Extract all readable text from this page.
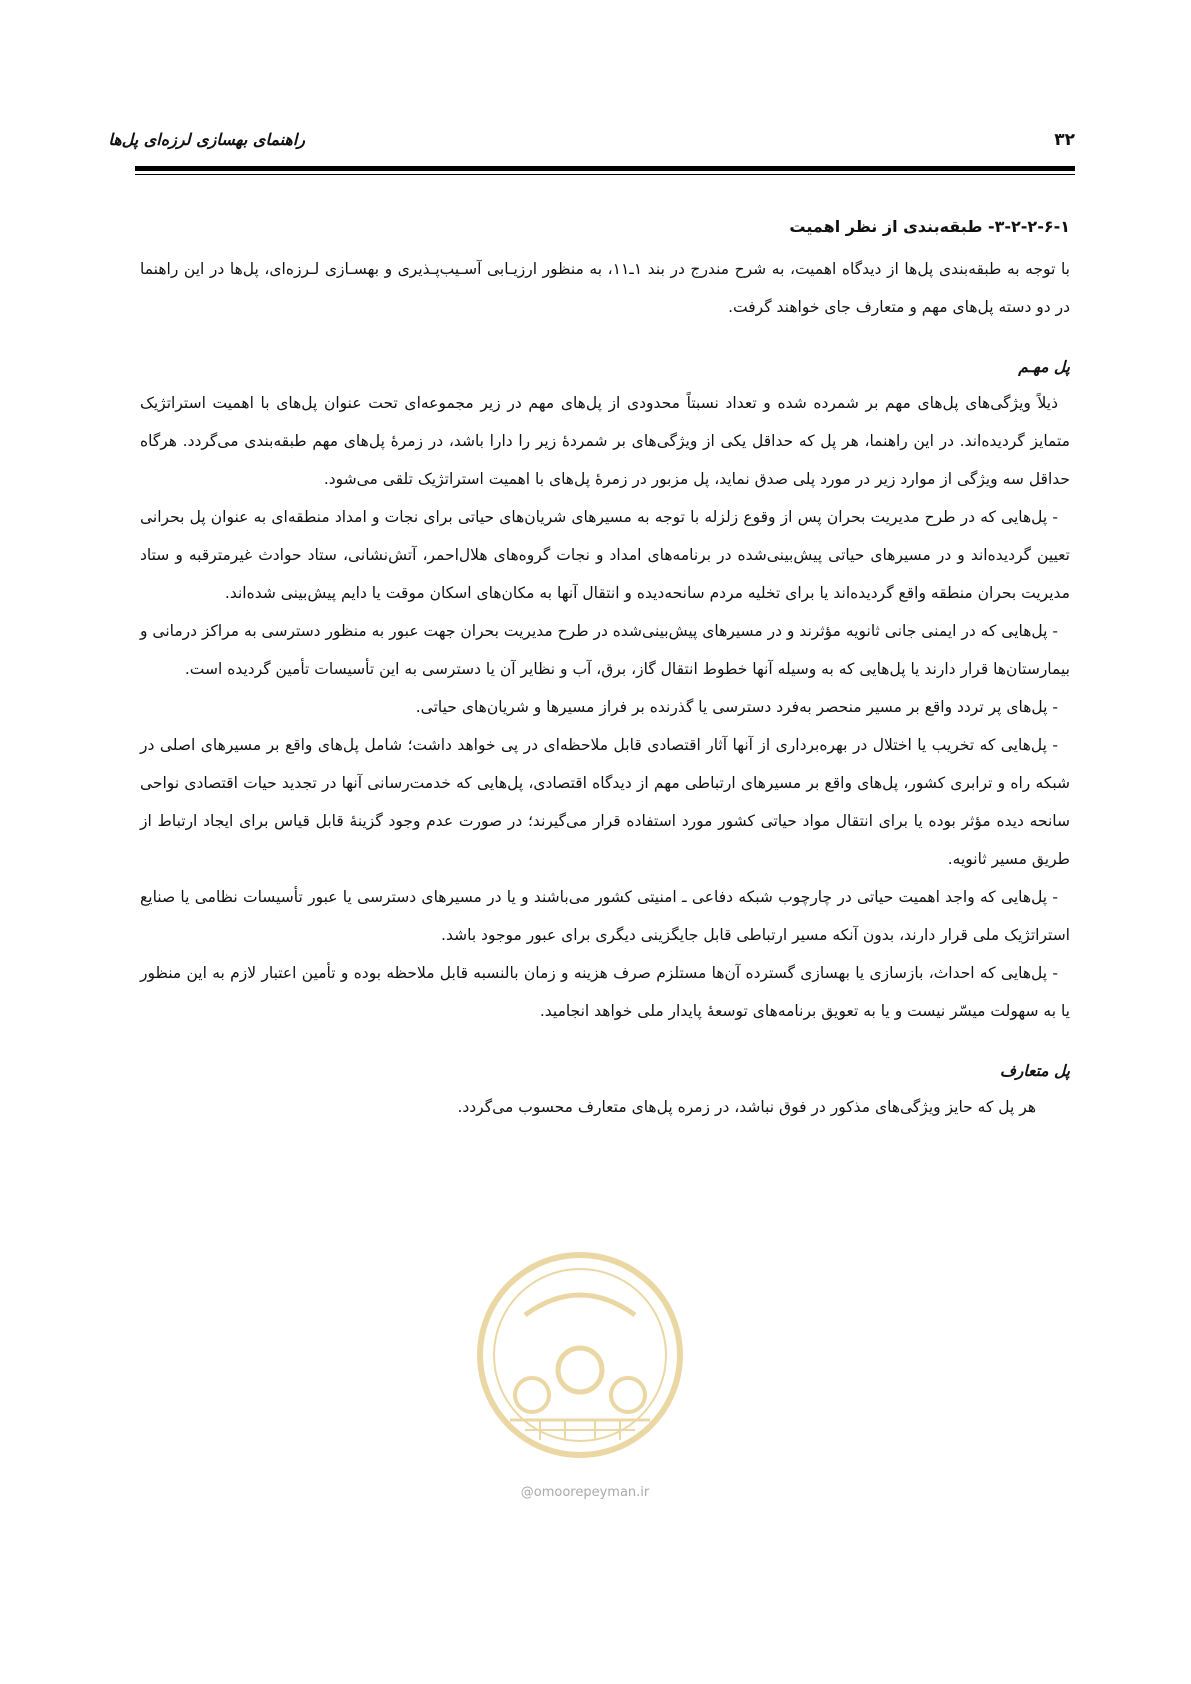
راهنمای بهسازی لرزه‌ای پل‌ها	۳۲
۳-۲-۲-۶-۱- طبقه‌بندی از نظر اهمیت

با توجه به طبقه‌بندی پل‌ها از دیدگاه اهمیت، به شرح مندرج در بند ۱ـ۱۱، به منظور ارزیـابی آسـیب‌پـذیری و بهسـازی لـرزه‌ای، پل‌ها در این راهنما در دو دسته پل‌های مهم و متعارف جای خواهند گرفت.

پل مهـم

ذیلاً ویژگی‌های پل‌های مهم بر شمرده شده و تعداد نسبتاً محدودی از پل‌های مهم در زیر مجموعه‌ای تحت عنوان پل‌های با اهمیت استراتژیک متمایز گردیده‌اند. در این راهنما، هر پل که حداقل یکی از ویژگی‌های بر شمردهٔ زیر را دارا باشد، در زمرهٔ پل‌های مهم طبقه‌بندی می‌گردد. هرگاه حداقل سه ویژگی از موارد زیر در مورد پلی صدق نماید، پل مزبور در زمرهٔ پل‌های با اهمیت استراتژیک تلقی می‌شود.

- پل‌هایی که در طرح مدیریت بحران پس از وقوع زلزله با توجه به مسیرهای شریان‌های حیاتی برای نجات و امداد منطقه‌ای به عنوان پل بحرانی تعیین گردیده‌اند و در مسیرهای حیاتی پیش‌بینی‌شده در برنامه‌های امداد و نجات گروه‌های هلال‌احمر، آتش‌نشانی، ستاد حوادث غیرمترقبه و ستاد مدیریت بحران منطقه واقع گردیده‌اند یا برای تخلیه مردم سانحه‌دیده و انتقال آنها به مکان‌های اسکان موقت یا دایم پیش‌بینی شده‌اند.

- پل‌هایی که در ایمنی جانی ثانویه مؤثرند و در مسیرهای پیش‌بینی‌شده در طرح مدیریت بحران جهت عبور به منظور دسترسی به مراکز درمانی و بیمارستان‌ها قرار دارند یا پل‌هایی که به وسیله آنها خطوط انتقال گاز، برق، آب و نظایر آن یا دسترسی به این تأسیسات تأمین گردیده است.

- پل‌های پر تردد واقع بر مسیر منحصر به‌فرد دسترسی یا گذرنده بر فراز مسیرها و شریان‌های حیاتی.

- پل‌هایی که تخریب یا اختلال در بهره‌برداری از آنها آثار اقتصادی قابل ملاحظه‌ای در پی خواهد داشت؛ شامل پل‌های واقع بر مسیرهای اصلی در شبکه راه و ترابری کشور، پل‌های واقع بر مسیرهای ارتباطی مهم از دیدگاه اقتصادی، پل‌هایی که خدمت‌رسانی آنها در تجدید حیات اقتصادی نواحی سانحه دیده مؤثر بوده یا برای انتقال مواد حیاتی کشور مورد استفاده قرار می‌گیرند؛ در صورت عدم وجود گزینهٔ قابل قیاس برای ایجاد ارتباط از طریق مسیر ثانویه.

- پل‌هایی که واجد اهمیت حیاتی در چارچوب شبکه دفاعی ـ امنیتی کشور می‌باشند و یا در مسیرهای دسترسی یا عبور تأسیسات نظامی یا صنایع استراتژیک ملی قرار دارند، بدون آنکه مسیر ارتباطی قابل جایگزینی دیگری برای عبور موجود باشد.

- پل‌هایی که احداث، بازسازی یا بهسازی گسترده آن‌ها مستلزم صرف هزینه و زمان بالنسبه قابل ملاحظه بوده و تأمین اعتبار لازم به این منظور یا به سهولت میسّر نیست و یا به تعویق برنامه‌های توسعهٔ پایدار ملی خواهد انجامید.

پل متعارف

هر پل که حایز ویژگی‌های مذکور در فوق نباشد، در زمره پل‌های متعارف محسوب می‌گردد.

@omoorepeyman.ir
